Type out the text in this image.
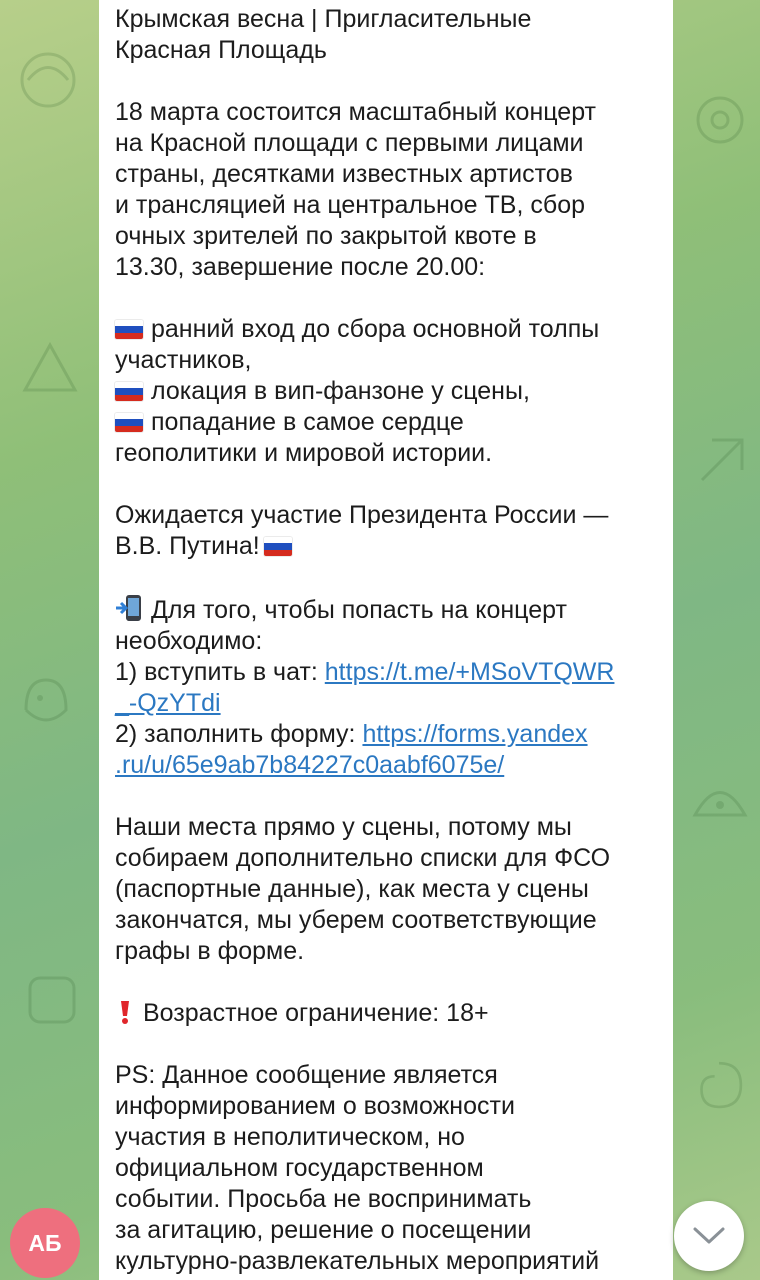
Крымская весна | Пригласительные
Красная Площадь
18 марта состоится масштабный концерт
на Красной площади с первыми лицами
страны, десятками известных артистов
и трансляцией на центральное ТВ, сбор
очных зрителей по закрытой квоте в
13.30, завершение после 20.00:
ранний вход до сбора основной толпы
участников,
локация в вип-фанзоне у сцены,
попадание в самое сердце
геополитики и мировой истории.
Ожидается участие Президента России —
В.В. Путина!
Для того, чтобы попасть на концерт
необходимо:
1) вступить в чат: https://t.me/+MSoVTQWR
_-QzYTdi
2) заполнить форму: https://forms.yandex
.ru/u/65e9ab7b84227c0aabf6075e/
Наши места прямо у сцены, потому мы
собираем дополнительно списки для ФСО
(паспортные данные), как места у сцены
закончатся, мы уберем соответствующие
графы в форме.
Возрастное ограничение: 18+
PS: Данное сообщение является
информированием о возможности
участия в неполитическом, но
официальном государственном
событии. Просьба не воспринимать
за агитацию, решение о посещении
культурно-развлекательных мероприятий
АБ
